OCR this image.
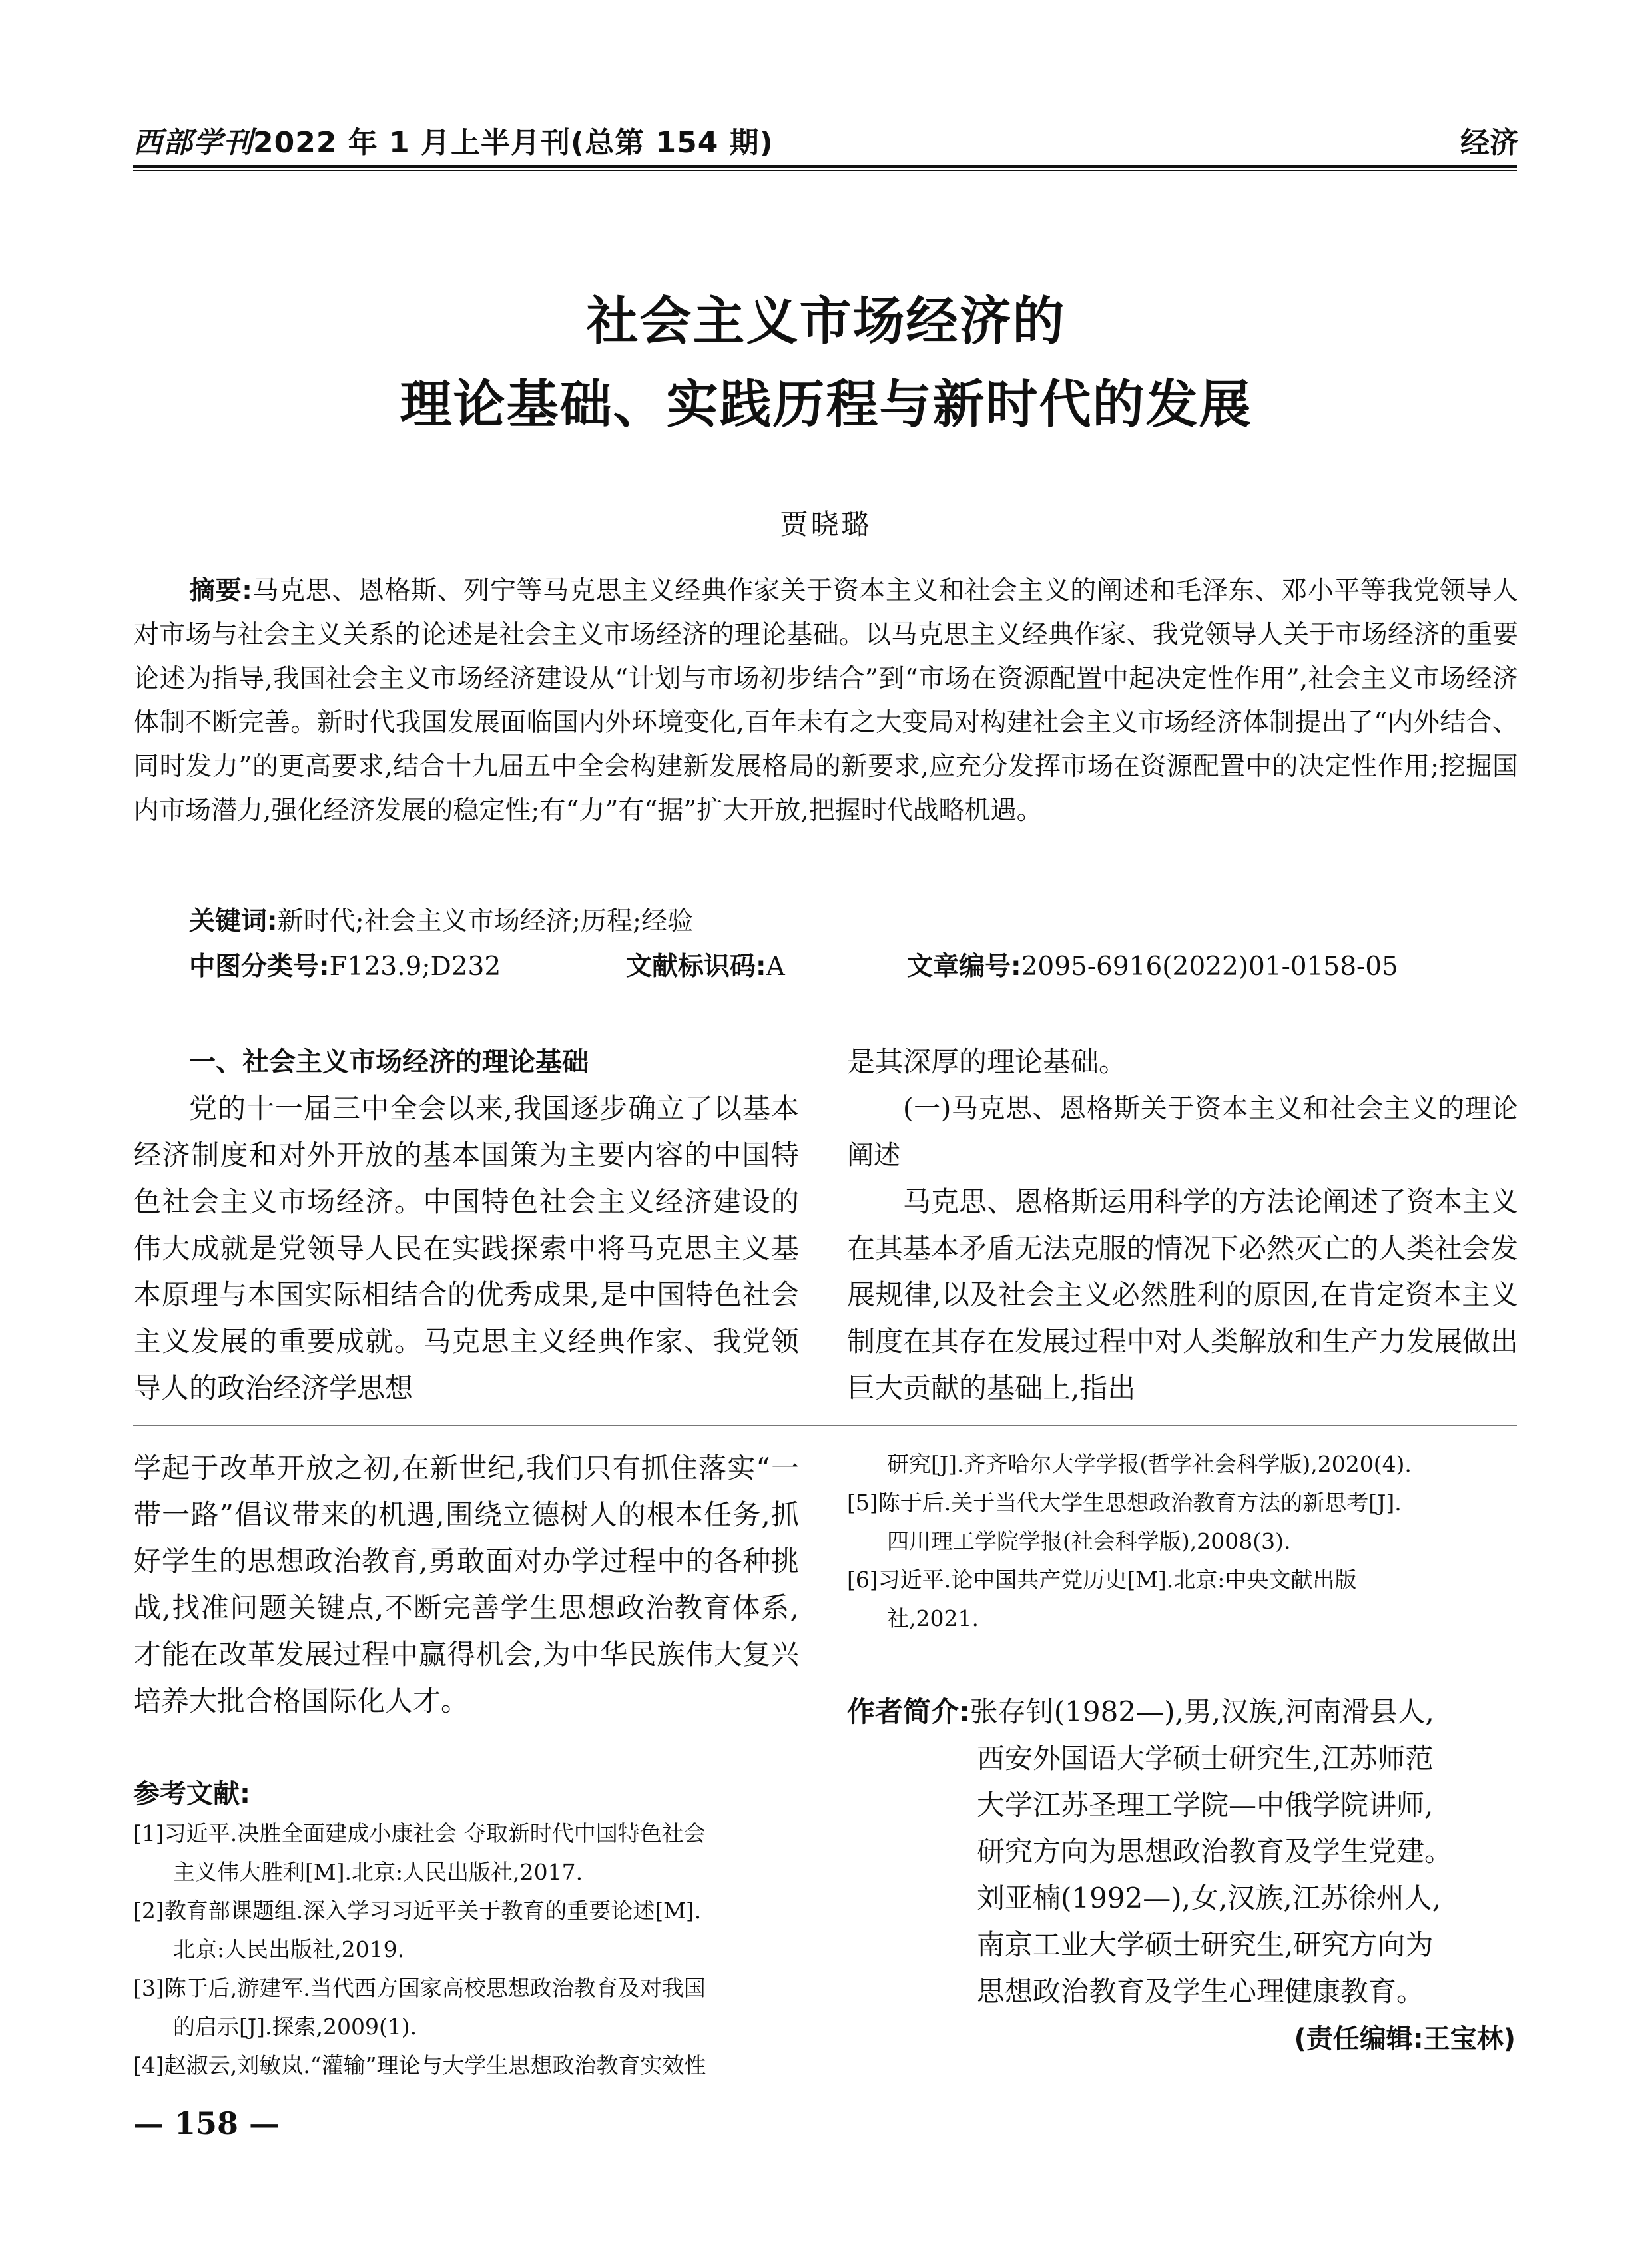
西部学刊2022 年 1 月上半月刊(总第 154 期)	经济
社会主义市场经济的
理论基础、实践历程与新时代的发展
贾晓璐

摘要:马克思、恩格斯、列宁等马克思主义经典作家关于资本主义和社会主义的阐述和毛泽东、邓小平等我党领导人对市场与社会主义关系的论述是社会主义市场经济的理论基础。以马克思主义经典作家、我党领导人关于市场经济的重要论述为指导,我国社会主义市场经济建设从“计划与市场初步结合”到“市场在资源配置中起决定性作用”,社会主义市场经济体制不断完善。新时代我国发展面临国内外环境变化,百年未有之大变局对构建社会主义市场经济体制提出了“内外结合、同时发力”的更高要求,结合十九届五中全会构建新发展格局的新要求,应充分发挥市场在资源配置中的决定性作用;挖掘国内市场潜力,强化经济发展的稳定性;有“力”有“据”扩大开放,把握时代战略机遇。

关键词:新时代;社会主义市场经济;历程;经验
中图分类号:F123.9;D232	文献标识码:A	文章编号:2095-6916(2022)01-0158-05

一、社会主义市场经济的理论基础

党的十一届三中全会以来,我国逐步确立了以基本经济制度和对外开放的基本国策为主要内容的中国特色社会主义市场经济。中国特色社会主义经济建设的伟大成就是党领导人民在实践探索中将马克思主义基本原理与本国实际相结合的优秀成果,是中国特色社会主义发展的重要成就。马克思主义经典作家、我党领导人的政治经济学思想

是其深厚的理论基础。

(一)马克思、恩格斯关于资本主义和社会主义的理论阐述

马克思、恩格斯运用科学的方法论阐述了资本主义在其基本矛盾无法克服的情况下必然灭亡的人类社会发展规律,以及社会主义必然胜利的原因,在肯定资本主义制度在其存在发展过程中对人类解放和生产力发展做出巨大贡献的基础上,指出

学起于改革开放之初,在新世纪,我们只有抓住落实“一带一路”倡议带来的机遇,围绕立德树人的根本任务,抓好学生的思想政治教育,勇敢面对办学过程中的各种挑战,找准问题关键点,不断完善学生思想政治教育体系,才能在改革发展过程中赢得机会,为中华民族伟大复兴培养大批合格国际化人才。

参考文献:
[1]习近平.决胜全面建成小康社会 夺取新时代中国特色社会
主义伟大胜利[M].北京:人民出版社,2017.
[2]教育部课题组.深入学习习近平关于教育的重要论述[M].
北京:人民出版社,2019.
[3]陈于后,游建军.当代西方国家高校思想政治教育及对我国
的启示[J].探索,2009(1).
[4]赵淑云,刘敏岚.“灌输”理论与大学生思想政治教育实效性
研究[J].齐齐哈尔大学学报(哲学社会科学版),2020(4).
[5]陈于后.关于当代大学生思想政治教育方法的新思考[J].
四川理工学院学报(社会科学版),2008(3).
[6]习近平.论中国共产党历史[M].北京:中央文献出版
社,2021.
作者简介:张存钊(1982—),男,汉族,河南滑县人,
西安外国语大学硕士研究生,江苏师范
大学江苏圣理工学院—中俄学院讲师,
研究方向为思想政治教育及学生党建。
刘亚楠(1992—),女,汉族,江苏徐州人,
南京工业大学硕士研究生,研究方向为
思想政治教育及学生心理健康教育。
(责任编辑:王宝林)
— 158 —
